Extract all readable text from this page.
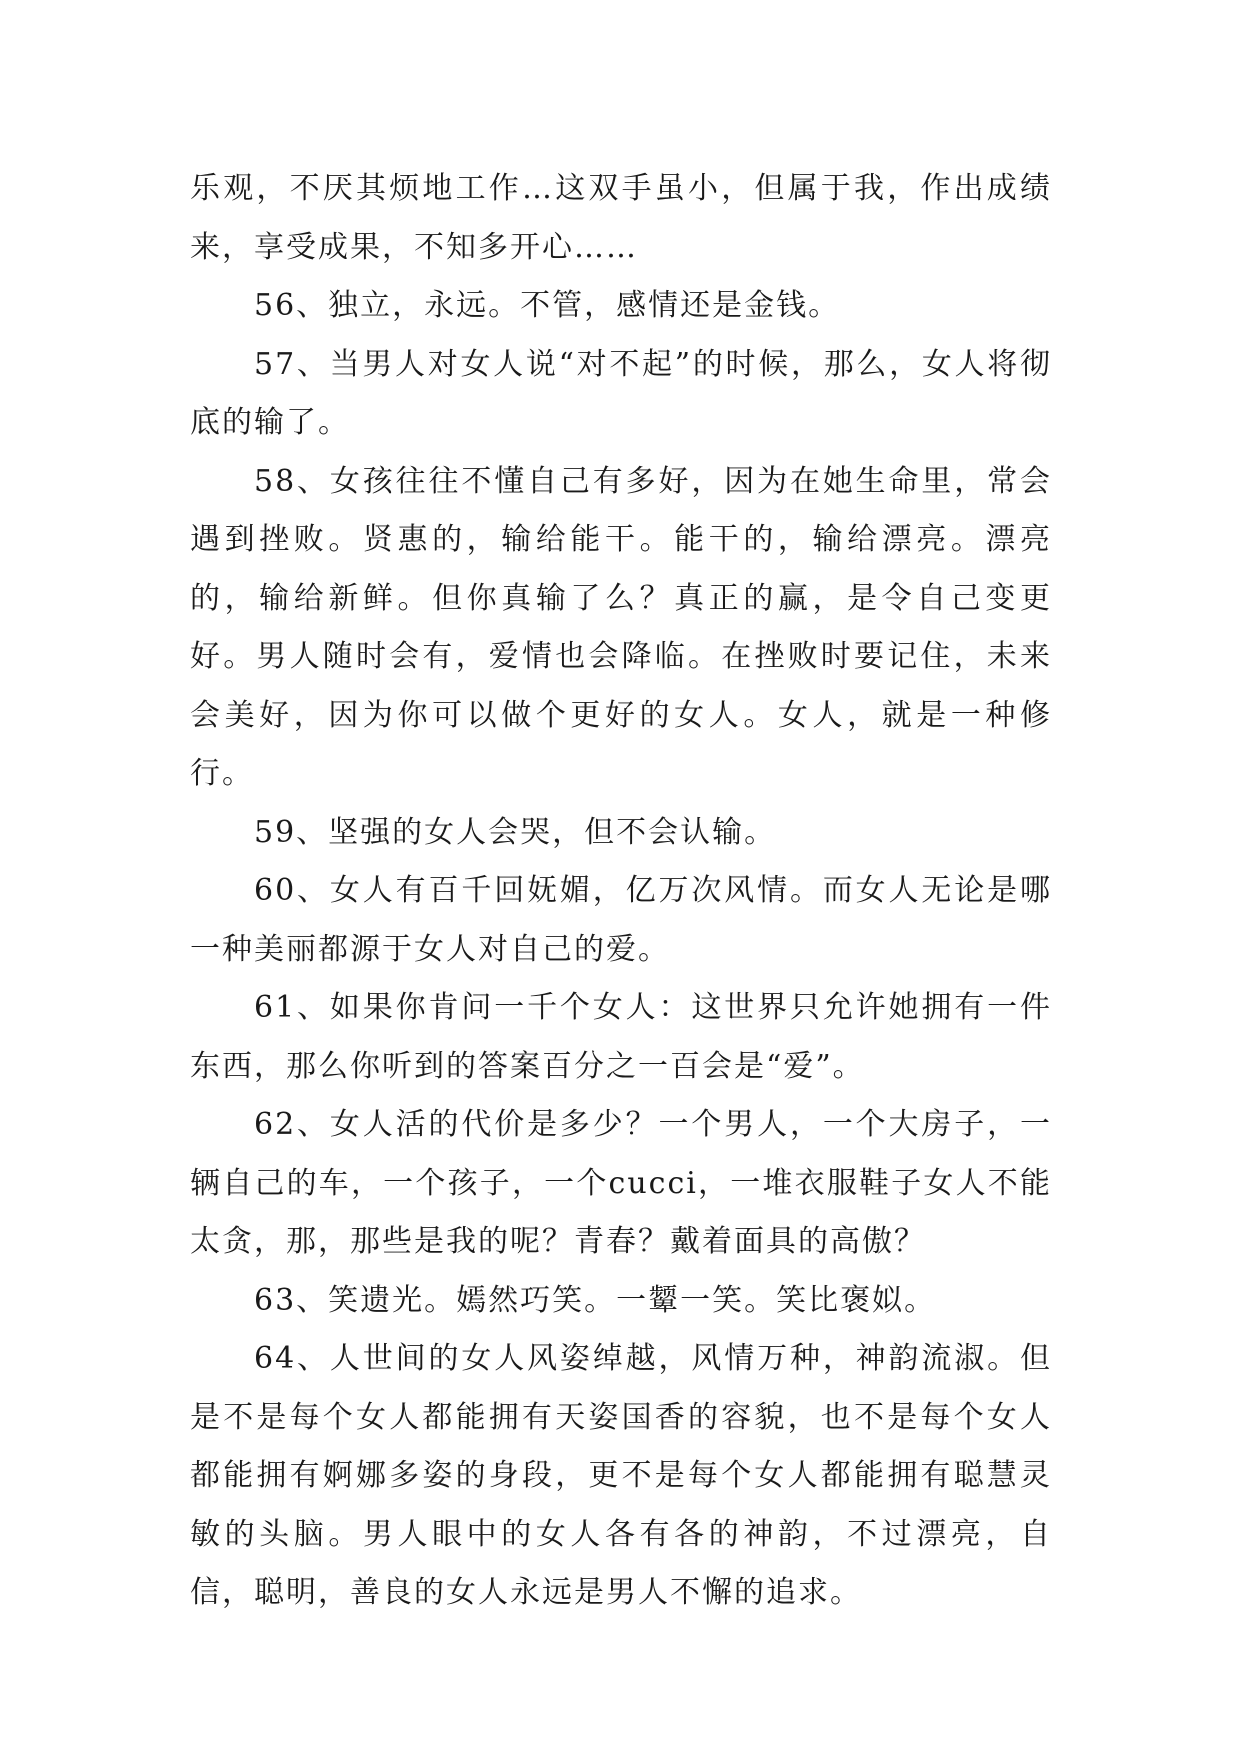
乐观，不厌其烦地工作…这双手虽小，但属于我，作出成绩来，享受成果，不知多开心……

56、独立，永远。不管，感情还是金钱。

57、当男人对女人说“对不起”的时候，那么，女人将彻底的输了。

58、女孩往往不懂自己有多好，因为在她生命里，常会遇到挫败。贤惠的，输给能干。能干的，输给漂亮。漂亮的，输给新鲜。但你真输了么？真正的赢，是令自己变更好。男人随时会有，爱情也会降临。在挫败时要记住，未来会美好，因为你可以做个更好的女人。女人，就是一种修行。

59、坚强的女人会哭，但不会认输。

60、女人有百千回妩媚，亿万次风情。而女人无论是哪一种美丽都源于女人对自己的爱。

61、如果你肯问一千个女人：这世界只允许她拥有一件东西，那么你听到的答案百分之一百会是“爱”。

62、女人活的代价是多少？一个男人，一个大房子，一辆自己的车，一个孩子，一个cucci，一堆衣服鞋子女人不能太贪，那，那些是我的呢？青春？戴着面具的高傲？

63、笑遗光。嫣然巧笑。一颦一笑。笑比褒姒。

64、人世间的女人风姿绰越，风情万种，神韵流淑。但是不是每个女人都能拥有天姿国香的容貌，也不是每个女人都能拥有婀娜多姿的身段，更不是每个女人都能拥有聪慧灵敏的头脑。男人眼中的女人各有各的神韵，不过漂亮，自信，聪明，善良的女人永远是男人不懈的追求。
